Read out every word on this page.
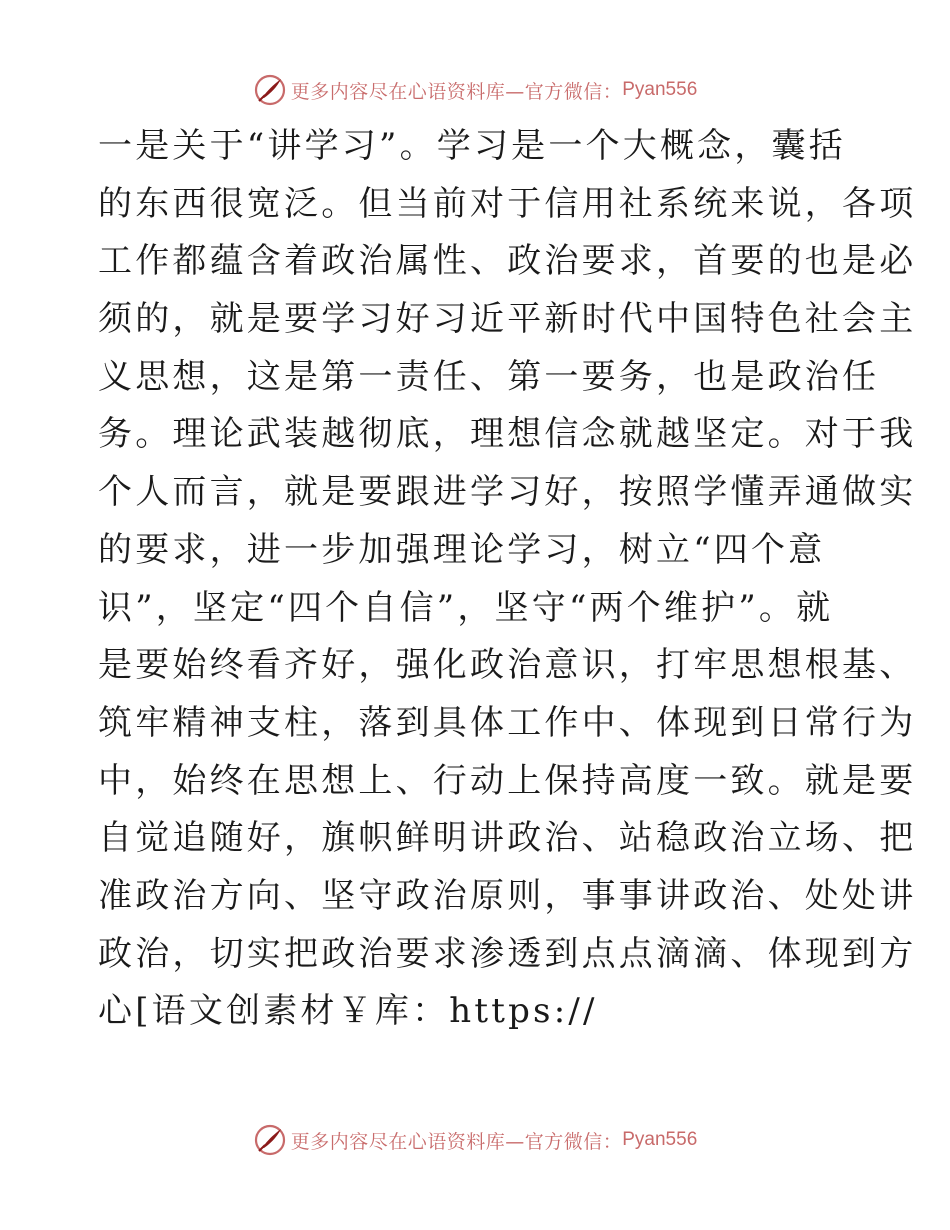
更多内容尽在心语资料库—官方微信： Pyan556
一是关于“讲学习”。学习是一个大概念，囊括
的东西很宽泛。但当前对于信用社系统来说，各项
工作都蕴含着政治属性、政治要求，首要的也是必
须的，就是要学习好习近平新时代中国特色社会主
义思想，这是第一责任、第一要务，也是政治任
务。理论武装越彻底，理想信念就越坚定。对于我
个人而言，就是要跟进学习好，按照学懂弄通做实
的要求，进一步加强理论学习，树立“四个意
识”，坚定“四个自信”，坚守“两个维护”。就
是要始终看齐好，强化政治意识，打牢思想根基、
筑牢精神支柱，落到具体工作中、体现到日常行为
中，始终在思想上、行动上保持高度一致。就是要
自觉追随好，旗帜鲜明讲政治、站稳政治立场、把
准政治方向、坚守政治原则，事事讲政治、处处讲
政治，切实把政治要求渗透到点点滴滴、体现到方
心[语文创素材￥库：https://
更多内容尽在心语资料库—官方微信： Pyan556
